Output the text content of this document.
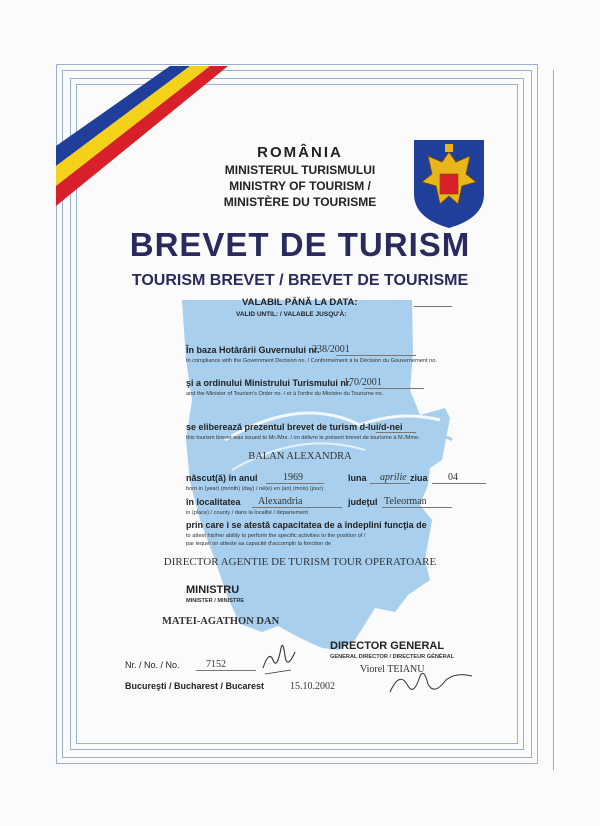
ROMÂNIA
MINISTERUL TURISMULUI
MINISTRY OF TOURISM /
MINISTÈRE DU TOURISME
BREVET DE TURISM
TOURISM BREVET / BREVET DE TOURISME
VALABIL PÂNĂ LA DATA:
VALID UNTIL: / VALABLE JUSQU'À:
În baza Hotărârii Guvernului nr.
238/2001
In compliance with the Government Decision no. / Conformément à la Décision du Gouvernement no.
şi a ordinului Ministrului Turismului nr.
170/2001
and the Minister of Tourism's Order no. / et à l'ordre du Ministre du Tourisme no.
se eliberează prezentul brevet de turism d-lui/d-nei
this tourism brevet was issued to Mr./Mrs. / on délivre le présent brevet de tourisme à M./Mme.
BALAN ALEXANDRA
născut(ă) în anul	1969	luna aprilie ziua 04
born in (year) (month) (day) / né(e) en (an) (mois) (jour)
în localitatea Alexandria	judeţul Teleorman
in (place) / county / dans la localité / département
prin care i se atestă capacitatea de a îndeplini funcţia de
to attest his/her ability to perform the specific activities to the position of /
par lequel on atteste sa capacité d'accomplir la fonction de
DIRECTOR AGENTIE DE TURISM TOUR OPERATOARE
MINISTRU
MINISTER / MINISTRE
MATEI-AGATHON DAN
DIRECTOR GENERAL
GENERAL DIRECTOR / DIRECTEUR GÉNÉRAL
Viorel TEIANU
Nr. / No. / No.	7152
Bucureşti / Bucharest / Bucarest	15.10.2002
